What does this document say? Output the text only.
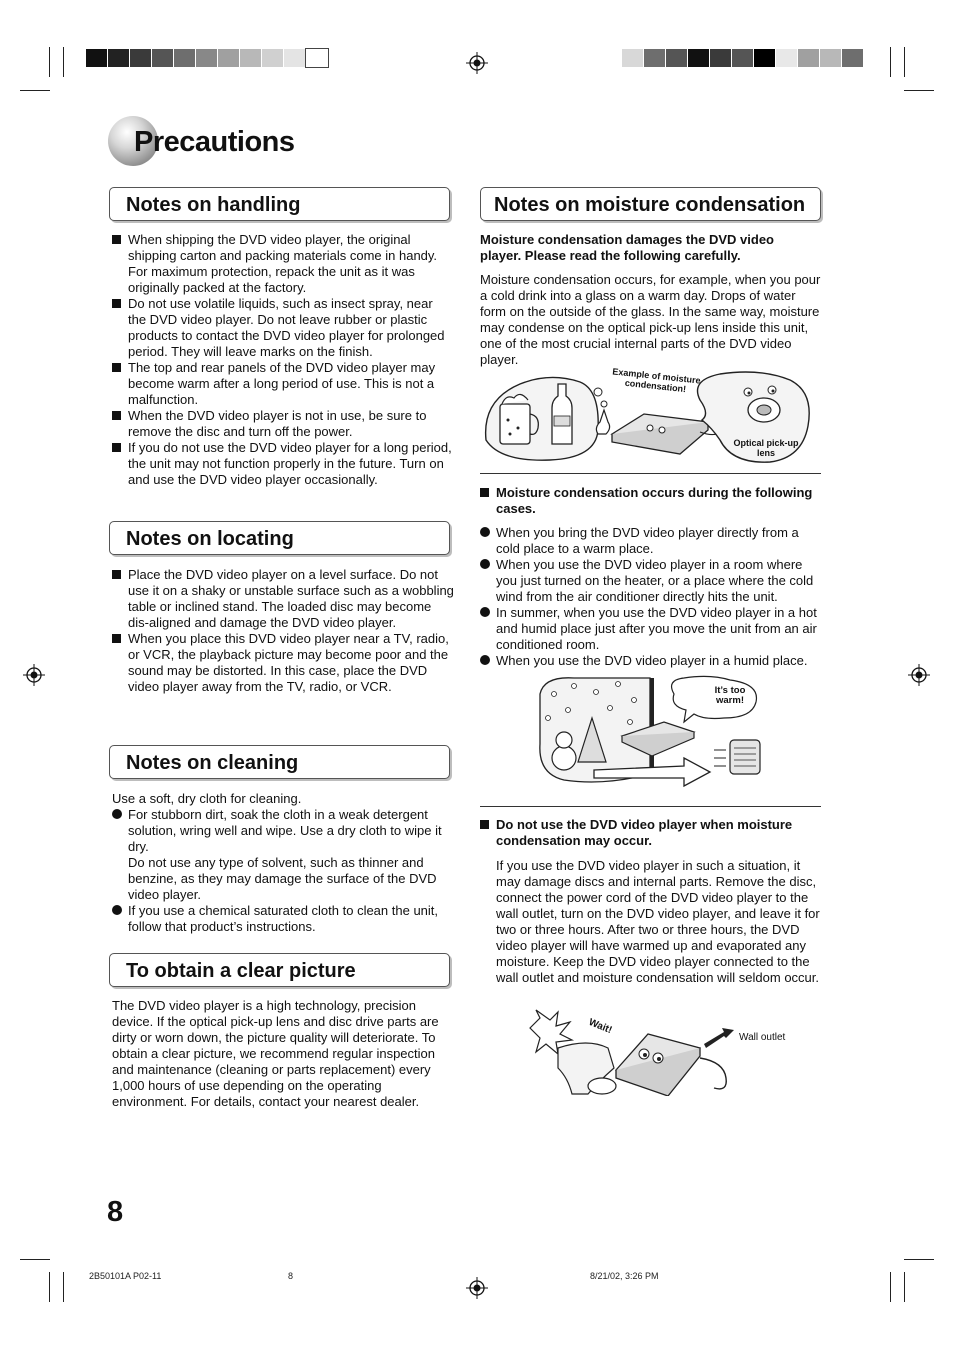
Precautions
Notes on handling
When shipping the DVD video player, the original shipping carton and packing materials come in handy. For maximum protection, repack the unit as it was originally packed at the factory.
Do not use volatile liquids, such as insect spray, near the DVD video player. Do not leave rubber or plastic products to contact the DVD video player for prolonged period. They will leave marks on the finish.
The top and rear panels of the DVD video player may become warm after a long period of use. This is not a malfunction.
When the DVD video player is not in use, be sure to remove the disc and turn off the power.
If you do not use the DVD video player for a long period, the unit may not function properly in the future. Turn on and use the DVD video player occasionally.
Notes on locating
Place the DVD video player on a level surface. Do not use it on a shaky or unstable surface such as a wobbling table or inclined stand. The loaded disc may become dis-aligned and damage the DVD video player.
When you place this DVD video player near a TV, radio, or VCR, the playback picture may become poor and the sound may be distorted. In this case, place the DVD video player away from the TV, radio, or VCR.
Notes on cleaning

Use a soft, dry cloth for cleaning.

For stubborn dirt, soak the cloth in a weak detergent solution, wring well and wipe. Use a dry cloth to wipe it dry.
Do not use any type of solvent, such as thinner and benzine, as they may damage the surface of the DVD video player.
If you use a chemical saturated cloth to clean the unit, follow that product’s instructions.
To obtain a clear picture

The DVD video player is a high technology, precision device. If the optical pick-up lens and disc drive parts are dirty or worn down, the picture quality will deteriorate. To obtain a clear picture, we recommend regular inspection and maintenance (cleaning or parts replacement) every 1,000 hours of use depending on the operating environment. For details, contact your nearest dealer.

Notes on moisture condensation

Moisture condensation damages the DVD video player. Please read the following carefully.

Moisture condensation occurs, for example, when you pour a cold drink into a glass on a warm day. Drops of water form on the outside of the glass. In the same way, moisture may condense on the optical pick-up lens inside this unit, one of the most crucial internal parts of the DVD video player.

Example of moisture condensation!
Optical pick-up lens
Moisture condensation occurs during the following cases.
When you bring the DVD video player directly from a cold place to a warm place.
When you use the DVD video player in a room where you just turned on the heater, or a place where the cold wind from the air conditioner directly hits the unit.
In summer, when you use the DVD video player in a hot and humid place just after you move the unit from an air conditioned room.
When you use the DVD video player in a humid place.
It’s too warm!
Do not use the DVD video player when moisture condensation may occur.

If you use the DVD video player in such a situation, it may damage discs and internal parts. Remove the disc, connect the power cord of the DVD video player to the wall outlet, turn on the DVD video player, and leave it for two or three hours. After two or three hours, the DVD video player will have warmed up and evaporated any moisture. Keep the DVD video player connected to the wall outlet and moisture condensation will seldom occur.

Wait!
Wall outlet
8
2B50101A P02-11	8	8/21/02, 3:26 PM
